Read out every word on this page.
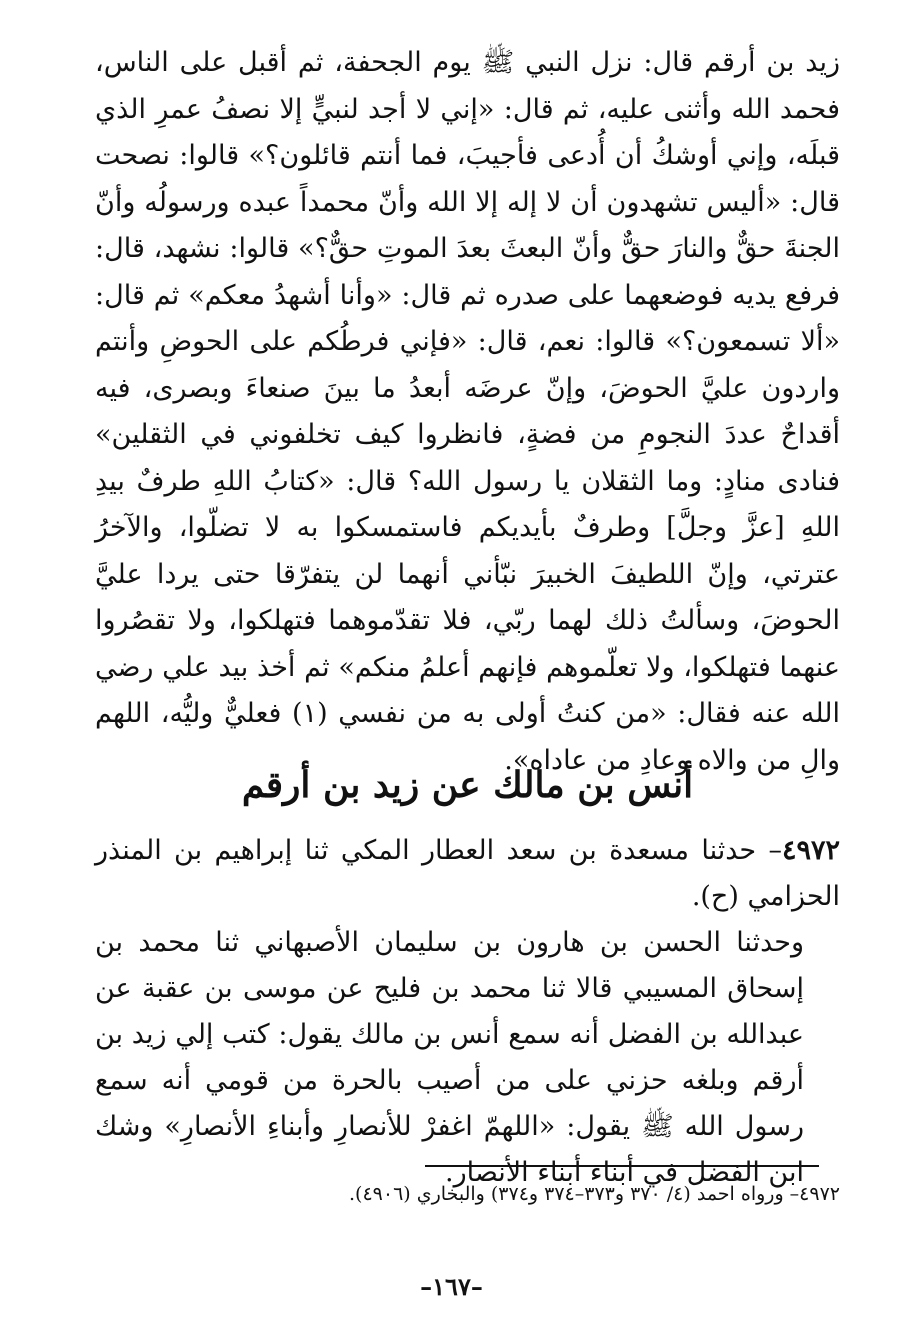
زيد بن أرقم قال: نزل النبي ﷺ يوم الجحفة، ثم أقبل على الناس، فحمد الله وأثنى عليه، ثم قال: «إني لا أجد لنبيٍّ إلا نصفُ عمرِ الذي قبلَه، وإني أوشكُ أن أُدعى فأجيبَ، فما أنتم قائلون؟» قالوا: نصحت قال: «أليس تشهدون أن لا إله إلا الله وأنّ محمداً عبده ورسولُه وأنّ الجنةَ حقٌّ والنارَ حقٌّ وأنّ البعثَ بعدَ الموتِ حقٌّ؟» قالوا: نشهد، قال: فرفع يديه فوضعهما على صدره ثم قال: «وأنا أشهدُ معكم» ثم قال: «ألا تسمعون؟» قالوا: نعم، قال: «فإني فرطُكم على الحوضِ وأنتم واردون عليَّ الحوضَ، وإنّ عرضَه أبعدُ ما بينَ صنعاءَ وبصرى، فيه أقداحٌ عددَ النجومِ من فضةٍ، فانظروا كيف تخلفوني في الثقلين» فنادى منادٍ: وما الثقلان يا رسول الله؟ قال: «كتابُ اللهِ طرفٌ بيدِ اللهِ [عزَّ وجلَّ] وطرفٌ بأيديكم فاستمسكوا به لا تضلّوا، والآخرُ عترتي، وإنّ اللطيفَ الخبيرَ نبّأني أنهما لن يتفرّقا حتى يردا عليَّ الحوضَ، وسألتُ ذلك لهما ربّي، فلا تقدّموهما فتهلكوا، ولا تقصُروا عنهما فتهلكوا، ولا تعلّموهم فإنهم أعلمُ منكم» ثم أخذ بيد علي رضي الله عنه فقال: «من كنتُ أولى به من نفسي (١) فعليٌّ وليُّه، اللهم والِ من والاه وعادِ من عاداه».
أنس بن مالك عن زيد بن أرقم

٤٩٧٢– حدثنا مسعدة بن سعد العطار المكي ثنا إبراهيم بن المنذر الحزامي (ح).

وحدثنا الحسن بن هارون بن سليمان الأصبهاني ثنا محمد بن إسحاق المسيبي قالا ثنا محمد بن فليح عن موسى بن عقبة عن عبدالله بن الفضل أنه سمع أنس بن مالك يقول: كتب إلي زيد بن أرقم وبلغه حزني على من أصيب بالحرة من قومي أنه سمع رسول الله ﷺ يقول: «اللهمّ اغفرْ للأنصارِ وأبناءِ الأنصارِ» وشك ابن الفضل في أبناء أبناء الأنصار.

٤٩٧٢– ورواه احمد (٤/ ٣٧٠ و٣٧٣–٣٧٤ و٣٧٤) والبخاري (٤٩٠٦).
–١٦٧–
